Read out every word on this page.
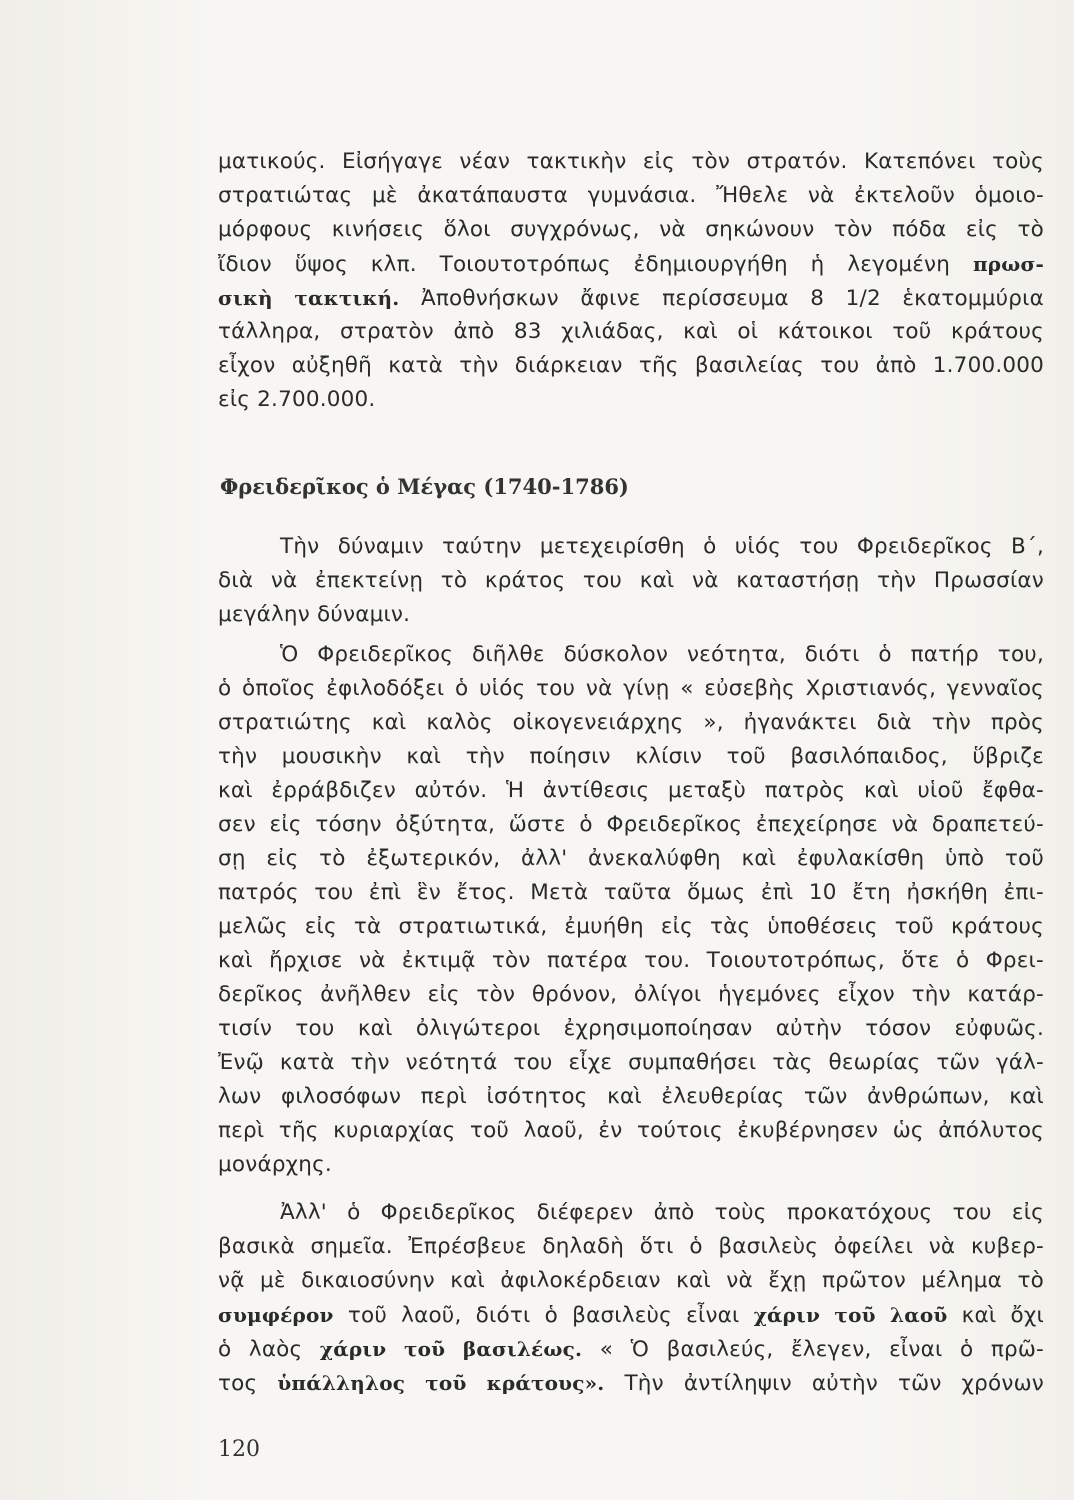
ματικούς. Εἰσήγαγε νέαν τακτικὴν εἰς τὸν στρατόν. Κατεπόνει τοὺς
στρατιώτας μὲ ἀκατάπαυστα γυμνάσια. Ἤθελε νὰ ἐκτελοῦν ὁμοιο-
μόρφους κινήσεις ὅλοι συγχρόνως, νὰ σηκώνουν τὸν πόδα εἰς τὸ
ἴδιον ὕψος κλπ. Τοιουτοτρόπως ἐδημιουργήθη ἡ λεγομένη πρωσ-
σικὴ τακτική. Ἀποθνήσκων ἄφινε περίσσευμα 8 1/2 ἑκατομμύρια
τάλληρα, στρατὸν ἀπὸ 83 χιλιάδας, καὶ οἱ κάτοικοι τοῦ κράτους
εἶχον αὐξηθῆ κατὰ τὴν διάρκειαν τῆς βασιλείας του ἀπὸ 1.700.000
εἰς 2.700.000.
Φρειδερῖκος ὁ Μέγας (1740-1786)
Τὴν δύναμιν ταύτην μετεχειρίσθη ὁ υἱός του Φρειδερῖκος Β΄,
διὰ νὰ ἐπεκτείνῃ τὸ κράτος του καὶ νὰ καταστήσῃ τὴν Πρωσσίαν
μεγάλην δύναμιν.
Ὁ Φρειδερῖκος διῆλθε δύσκολον νεότητα, διότι ὁ πατήρ του,
ὁ ὁποῖος ἐφιλοδόξει ὁ υἱός του νὰ γίνῃ « εὐσεβὴς Χριστιανός, γενναῖος
στρατιώτης καὶ καλὸς οἰκογενειάρχης », ἠγανάκτει διὰ τὴν πρὸς
τὴν μουσικὴν καὶ τὴν ποίησιν κλίσιν τοῦ βασιλόπαιδος, ὕβριζε
καὶ ἐρράβδιζεν αὐτόν. Ἡ ἀντίθεσις μεταξὺ πατρὸς καὶ υἱοῦ ἔφθα-
σεν εἰς τόσην ὀξύτητα, ὥστε ὁ Φρειδερῖκος ἐπεχείρησε νὰ δραπετεύ-
σῃ εἰς τὸ ἐξωτερικόν, ἀλλ' ἀνεκαλύφθη καὶ ἐφυλακίσθη ὑπὸ τοῦ
πατρός του ἐπὶ ἓν ἔτος. Μετὰ ταῦτα ὅμως ἐπὶ 10 ἔτη ἠσκήθη ἐπι-
μελῶς εἰς τὰ στρατιωτικά, ἐμυήθη εἰς τὰς ὑποθέσεις τοῦ κράτους
καὶ ἤρχισε νὰ ἐκτιμᾷ τὸν πατέρα του. Τοιουτοτρόπως, ὅτε ὁ Φρει-
δερῖκος ἀνῆλθεν εἰς τὸν θρόνον, ὀλίγοι ἡγεμόνες εἶχον τὴν κατάρ-
τισίν του καὶ ὀλιγώτεροι ἐχρησιμοποίησαν αὐτὴν τόσον εὐφυῶς.
Ἐνῷ κατὰ τὴν νεότητά του εἶχε συμπαθήσει τὰς θεωρίας τῶν γάλ-
λων φιλοσόφων περὶ ἰσότητος καὶ ἐλευθερίας τῶν ἀνθρώπων, καὶ
περὶ τῆς κυριαρχίας τοῦ λαοῦ, ἐν τούτοις ἐκυβέρνησεν ὡς ἀπόλυτος
μονάρχης.
Ἀλλ' ὁ Φρειδερῖκος διέφερεν ἀπὸ τοὺς προκατόχους του εἰς
βασικὰ σημεῖα. Ἐπρέσβευε δηλαδὴ ὅτι ὁ βασιλεὺς ὀφείλει νὰ κυβερ-
νᾷ μὲ δικαιοσύνην καὶ ἀφιλοκέρδειαν καὶ νὰ ἔχῃ πρῶτον μέλημα τὸ
συμφέρον τοῦ λαοῦ, διότι ὁ βασιλεὺς εἶναι χάριν τοῦ λαοῦ καὶ ὄχι
ὁ λαὸς χάριν τοῦ βασιλέως. « Ὁ βασιλεύς, ἔλεγεν, εἶναι ὁ πρῶ-
τος ὑπάλληλος τοῦ κράτους». Τὴν ἀντίληψιν αὐτὴν τῶν χρόνων
120
